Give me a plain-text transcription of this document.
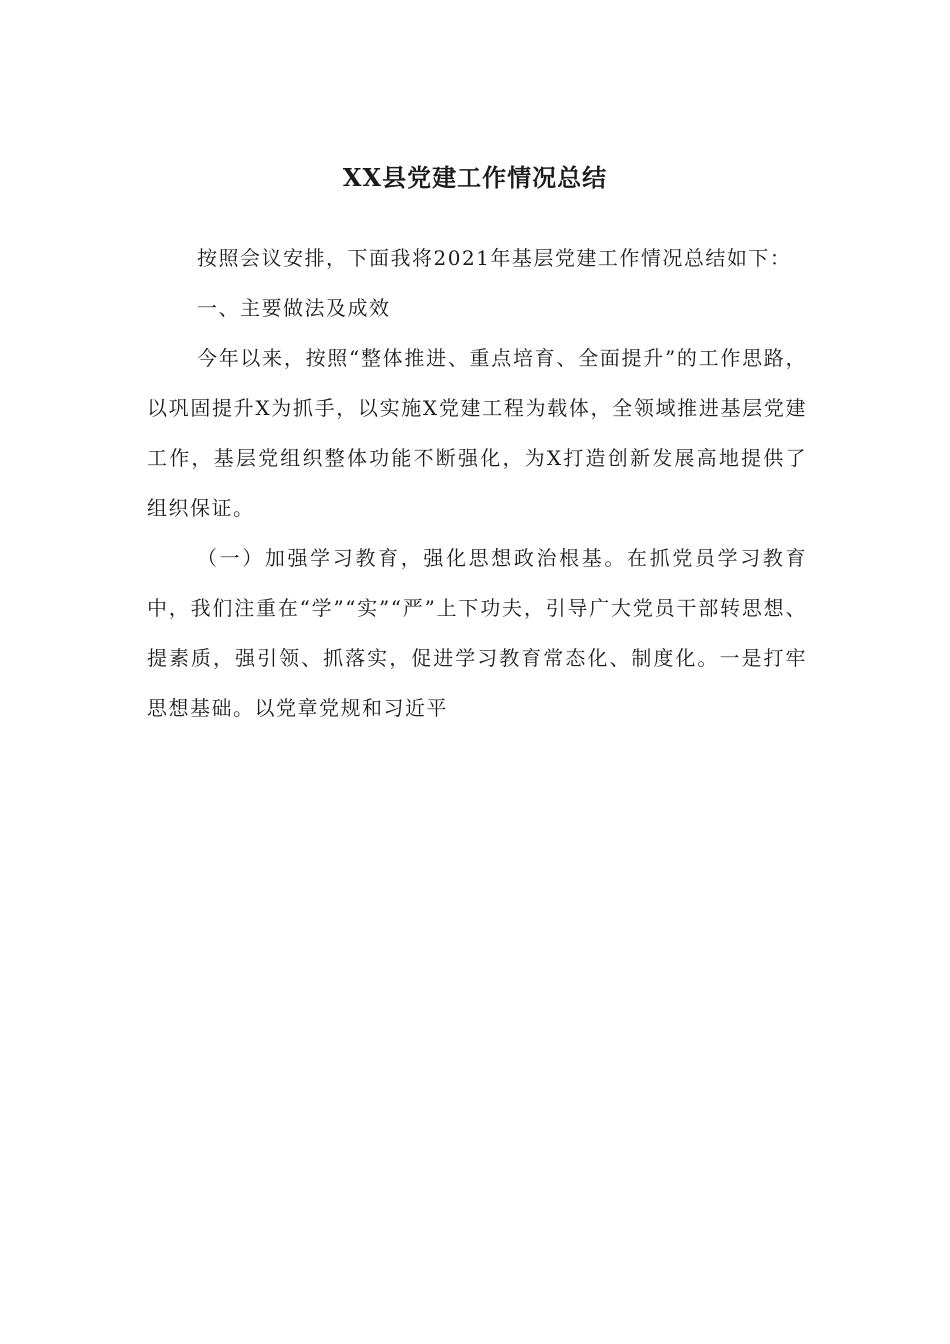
XX县党建工作情况总结

按照会议安排，下面我将2021年基层党建工作情况总结如下：

一、主要做法及成效

今年以来，按照“整体推进、重点培育、全面提升”的工作思路，以巩固提升X为抓手，以实施X党建工程为载体，全领域推进基层党建工作，基层党组织整体功能不断强化，为X打造创新发展高地提供了组织保证。

（一）加强学习教育，强化思想政治根基。在抓党员学习教育中，我们注重在“学”“实”“严”上下功夫，引导广大党员干部转思想、提素质，强引领、抓落实，促进学习教育常态化、制度化。一是打牢思想基础。以党章党规和习近平
